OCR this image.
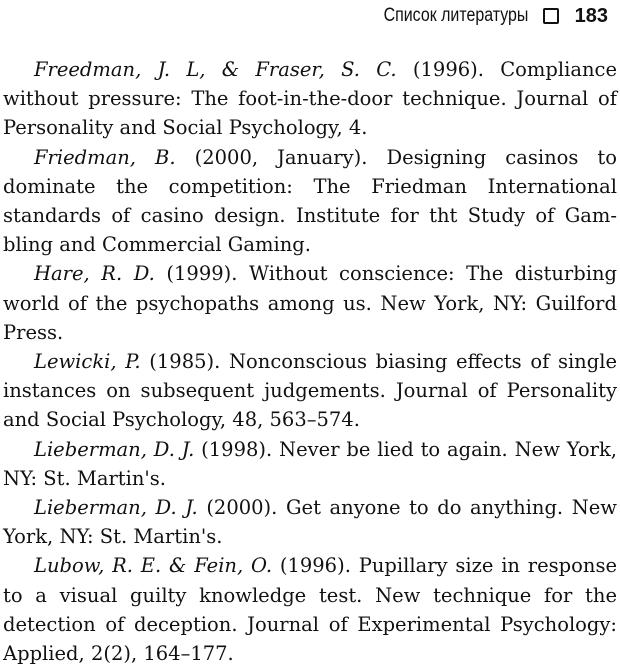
Список литературы 183

Freedman, J. L, & Fraser, S. C. (1996). Compliance without pressure: The foot-in-the-door technique. Journal of Personality and Social Psychology, 4.

Friedman, B. (2000, January). Designing casinos to dominate the competition: The Friedman International standards of casino design. Institute for tht Study of Gambling and Commercial Gaming.

Hare, R. D. (1999). Without conscience: The disturbing world of the psychopaths among us. New York, NY: Guilford Press.

Lewicki, P. (1985). Nonconscious biasing effects of single instances on subsequent judgements. Journal of Personality and Social Psychology, 48, 563–574.

Lieberman, D. J. (1998). Never be lied to again. New York, NY: St. Martin's.

Lieberman, D. J. (2000). Get anyone to do anything. New York, NY: St. Martin's.

Lubow, R. E. & Fein, O. (1996). Pupillary size in response to a visual guilty knowledge test. New technique for the detection of deception. Journal of Experimental Psychology: Applied, 2(2), 164–177.
